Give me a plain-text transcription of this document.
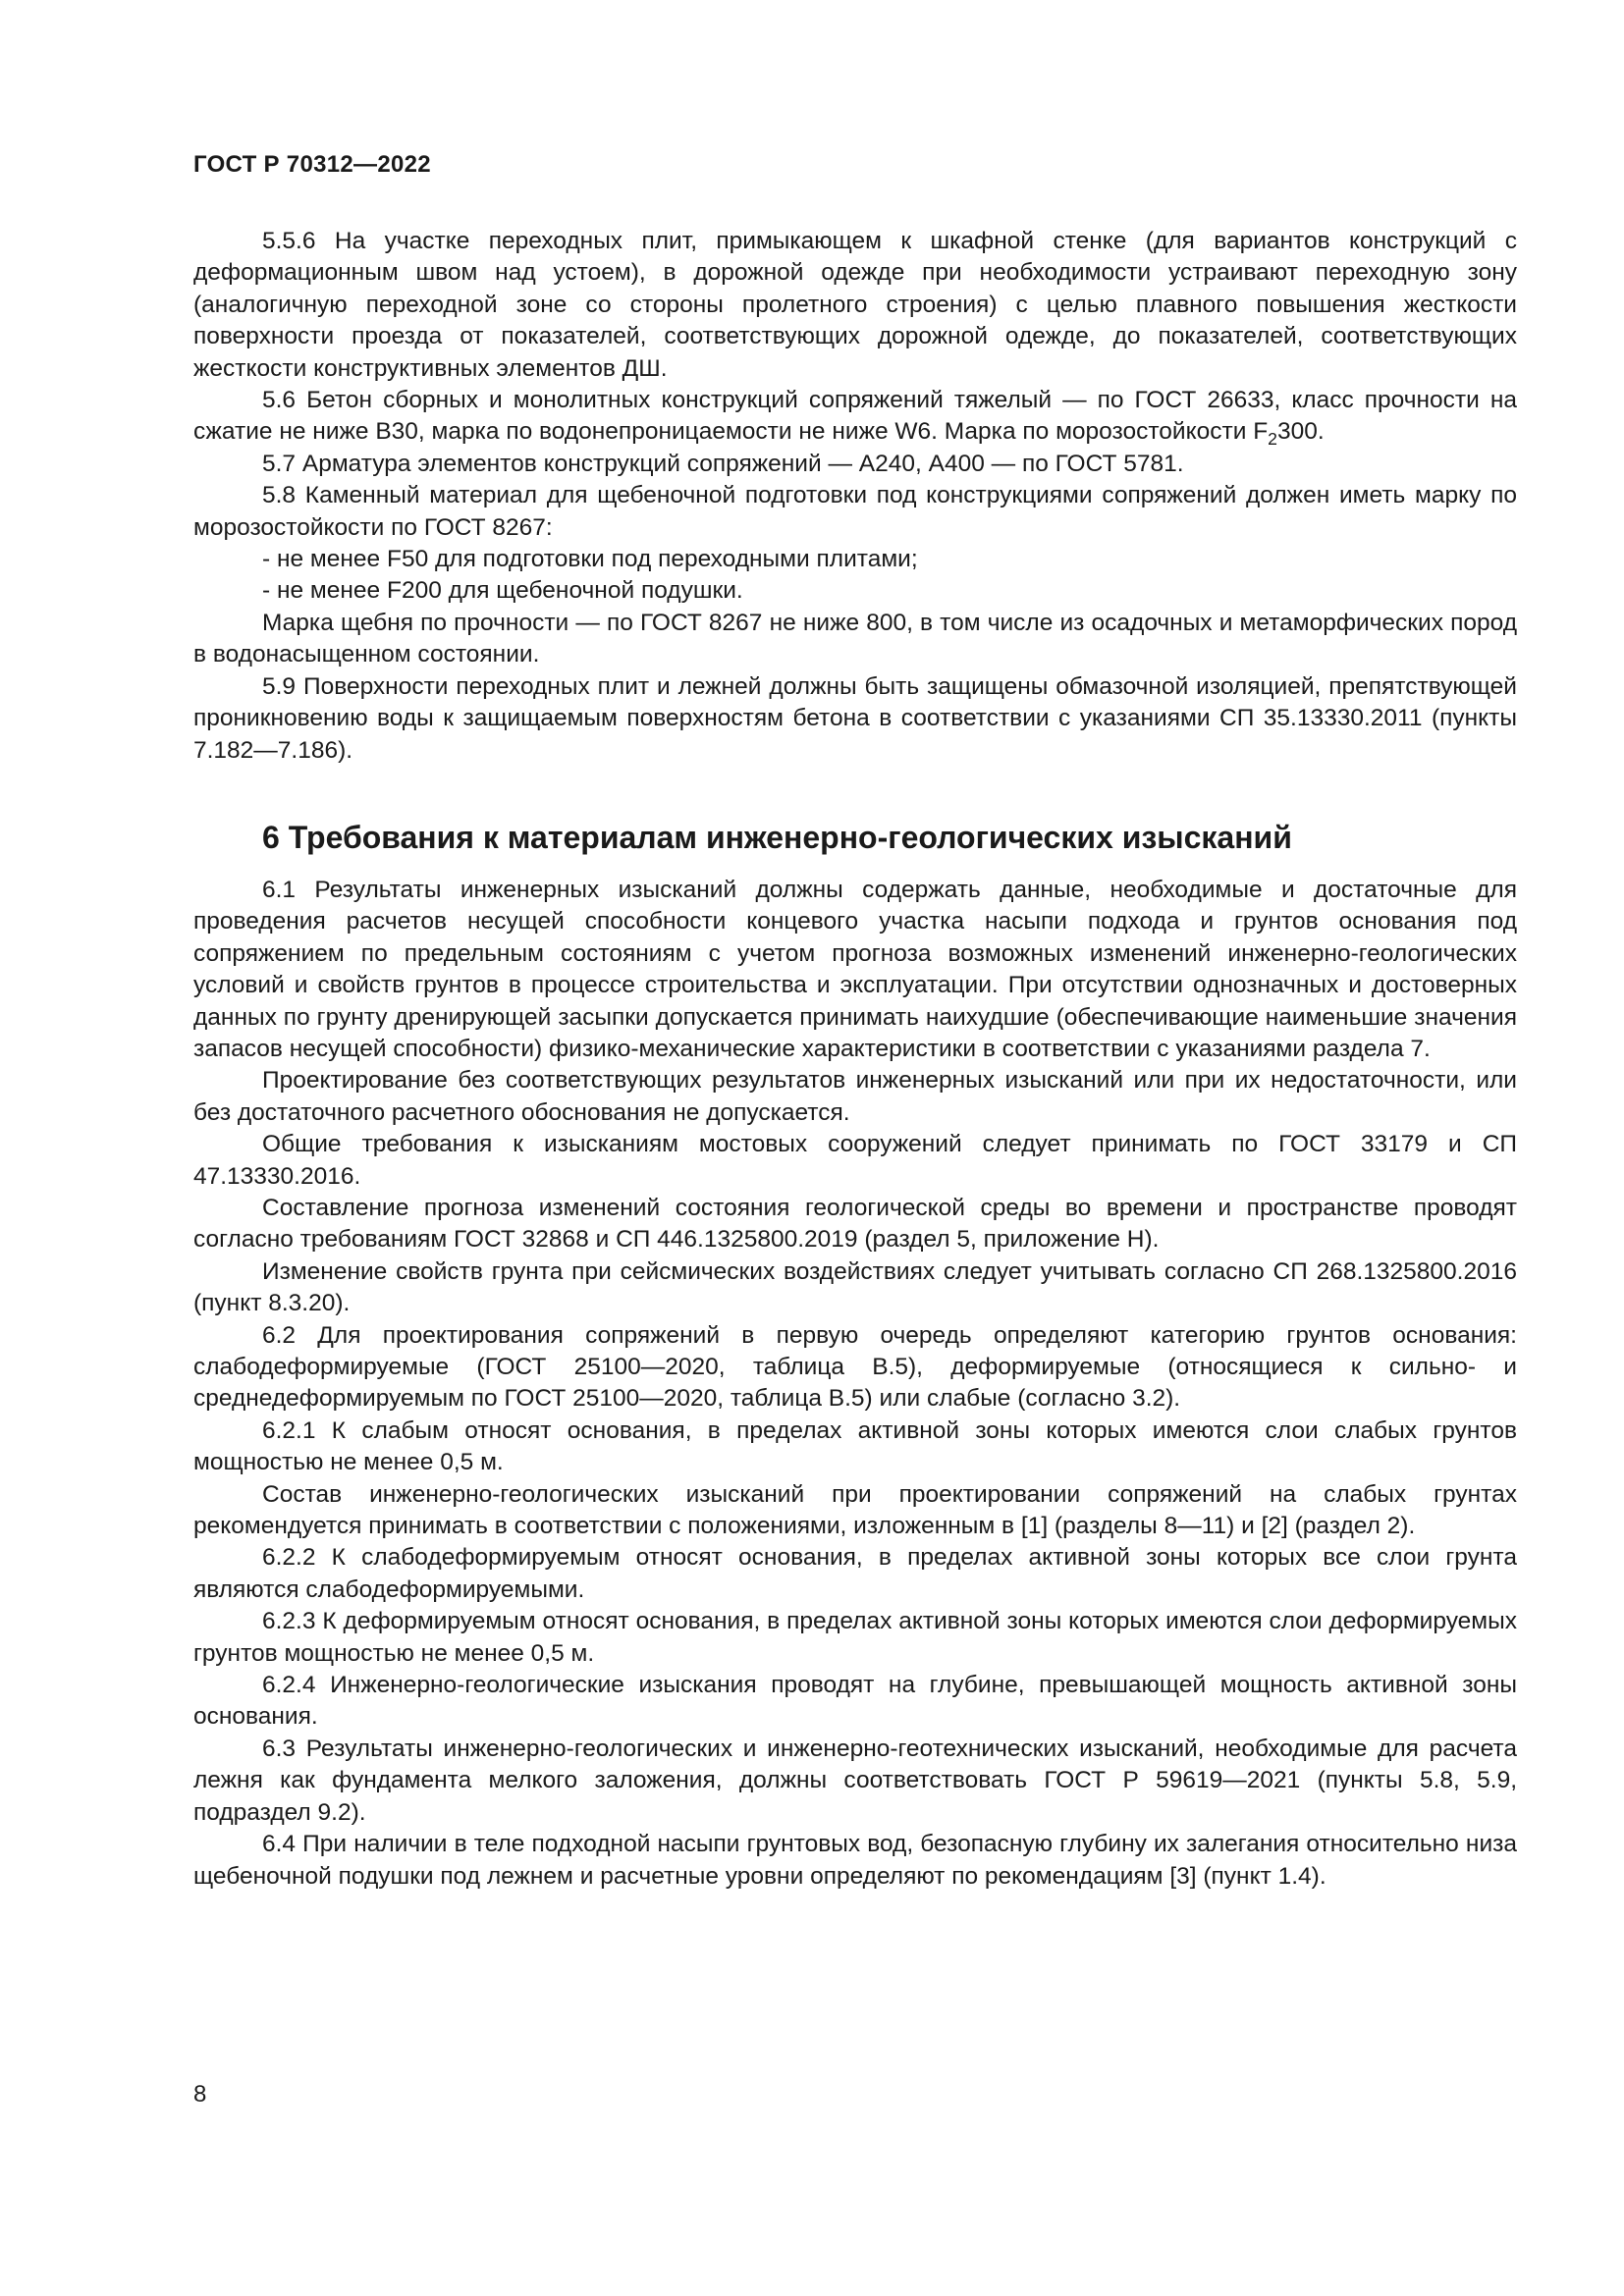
ГОСТ Р 70312—2022

5.5.6 На участке переходных плит, примыкающем к шкафной стенке (для вариантов конструкций с деформационным швом над устоем), в дорожной одежде при необходимости устраивают переходную зону (аналогичную переходной зоне со стороны пролетного строения) с целью плавного повышения жесткости поверхности проезда от показателей, соответствующих дорожной одежде, до показателей, соответствующих жесткости конструктивных элементов ДШ.

5.6 Бетон сборных и монолитных конструкций сопряжений тяжелый — по ГОСТ 26633, класс прочности на сжатие не ниже В30, марка по водонепроницаемости не ниже W6. Марка по морозостойкости $F_2300$.

5.7 Арматура элементов конструкций сопряжений — А240, А400 — по ГОСТ 5781.

5.8 Каменный материал для щебеночной подготовки под конструкциями сопряжений должен иметь марку по морозостойкости по ГОСТ 8267:

- не менее F50 для подготовки под переходными плитами;

- не менее F200 для щебеночной подушки.

Марка щебня по прочности — по ГОСТ 8267 не ниже 800, в том числе из осадочных и метаморфических пород в водонасыщенном состоянии.

5.9 Поверхности переходных плит и лежней должны быть защищены обмазочной изоляцией, препятствующей проникновению воды к защищаемым поверхностям бетона в соответствии с указаниями СП 35.13330.2011 (пункты 7.182—7.186).

6 Требования к материалам инженерно-геологических изысканий

6.1 Результаты инженерных изысканий должны содержать данные, необходимые и достаточные для проведения расчетов несущей способности концевого участка насыпи подхода и грунтов основания под сопряжением по предельным состояниям с учетом прогноза возможных изменений инженерно-геологических условий и свойств грунтов в процессе строительства и эксплуатации. При отсутствии однозначных и достоверных данных по грунту дренирующей засыпки допускается принимать наихудшие (обеспечивающие наименьшие значения запасов несущей способности) физико-механические характеристики в соответствии с указаниями раздела 7.

Проектирование без соответствующих результатов инженерных изысканий или при их недостаточности, или без достаточного расчетного обоснования не допускается.

Общие требования к изысканиям мостовых сооружений следует принимать по ГОСТ 33179 и СП 47.13330.2016.

Составление прогноза изменений состояния геологической среды во времени и пространстве проводят согласно требованиям ГОСТ 32868 и СП 446.1325800.2019 (раздел 5, приложение Н).

Изменение свойств грунта при сейсмических воздействиях следует учитывать согласно СП 268.1325800.2016 (пункт 8.3.20).

6.2 Для проектирования сопряжений в первую очередь определяют категорию грунтов основания: слабодеформируемые (ГОСТ 25100—2020, таблица В.5), деформируемые (относящиеся к сильно- и среднедеформируемым по ГОСТ 25100—2020, таблица В.5) или слабые (согласно 3.2).

6.2.1 К слабым относят основания, в пределах активной зоны которых имеются слои слабых грунтов мощностью не менее 0,5 м.

Состав инженерно-геологических изысканий при проектировании сопряжений на слабых грунтах рекомендуется принимать в соответствии с положениями, изложенным в [1] (разделы 8—11) и [2] (раздел 2).

6.2.2 К слабодеформируемым относят основания, в пределах активной зоны которых все слои грунта являются слабодеформируемыми.

6.2.3 К деформируемым относят основания, в пределах активной зоны которых имеются слои деформируемых грунтов мощностью не менее 0,5 м.

6.2.4 Инженерно-геологические изыскания проводят на глубине, превышающей мощность активной зоны основания.

6.3 Результаты инженерно-геологических и инженерно-геотехнических изысканий, необходимые для расчета лежня как фундамента мелкого заложения, должны соответствовать ГОСТ Р 59619—2021 (пункты 5.8, 5.9, подраздел 9.2).

6.4 При наличии в теле подходной насыпи грунтовых вод, безопасную глубину их залегания относительно низа щебеночной подушки под лежнем и расчетные уровни определяют по рекомендациям [3] (пункт 1.4).

8
